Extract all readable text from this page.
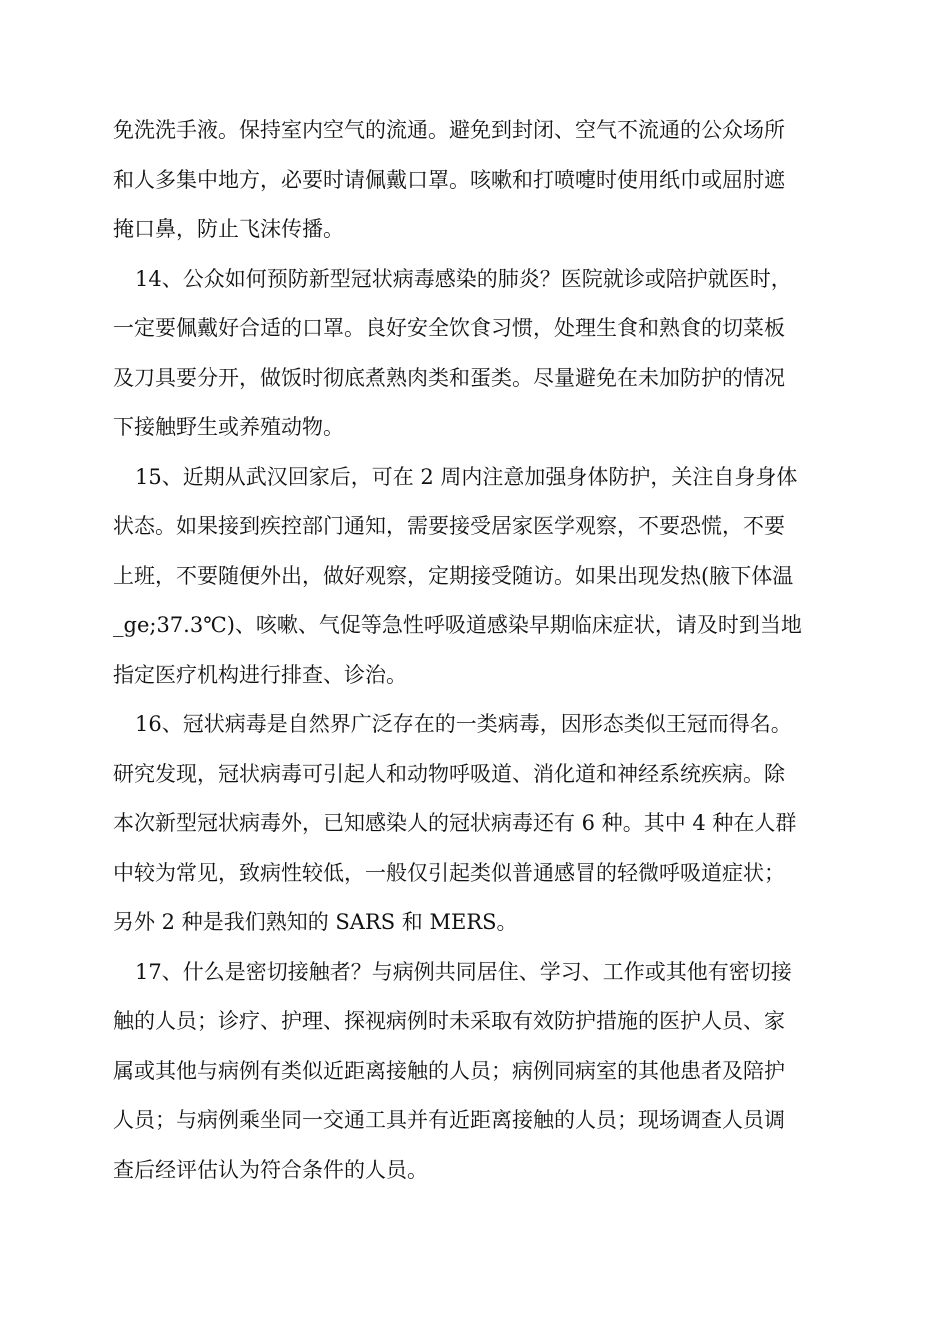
免洗洗手液。保持室内空气的流通。避免到封闭、空气不流通的公众场所
和人多集中地方，必要时请佩戴口罩。咳嗽和打喷嚏时使用纸巾或屈肘遮
掩口鼻，防止飞沫传播。
14、公众如何预防新型冠状病毒感染的肺炎？医院就诊或陪护就医时，
一定要佩戴好合适的口罩。良好安全饮食习惯，处理生食和熟食的切菜板
及刀具要分开，做饭时彻底煮熟肉类和蛋类。尽量避免在未加防护的情况
下接触野生或养殖动物。
15、近期从武汉回家后，可在 2 周内注意加强身体防护，关注自身身体
状态。如果接到疾控部门通知，需要接受居家医学观察，不要恐慌，不要
上班，不要随便外出，做好观察，定期接受随访。如果出现发热(腋下体温
_ge;37.3℃)、咳嗽、气促等急性呼吸道感染早期临床症状，请及时到当地
指定医疗机构进行排查、诊治。
16、冠状病毒是自然界广泛存在的一类病毒，因形态类似王冠而得名。
研究发现，冠状病毒可引起人和动物呼吸道、消化道和神经系统疾病。除
本次新型冠状病毒外，已知感染人的冠状病毒还有 6 种。其中 4 种在人群
中较为常见，致病性较低，一般仅引起类似普通感冒的轻微呼吸道症状；
另外 2 种是我们熟知的 SARS 和 MERS。
17、什么是密切接触者？与病例共同居住、学习、工作或其他有密切接
触的人员；诊疗、护理、探视病例时未采取有效防护措施的医护人员、家
属或其他与病例有类似近距离接触的人员；病例同病室的其他患者及陪护
人员；与病例乘坐同一交通工具并有近距离接触的人员；现场调查人员调
查后经评估认为符合条件的人员。
